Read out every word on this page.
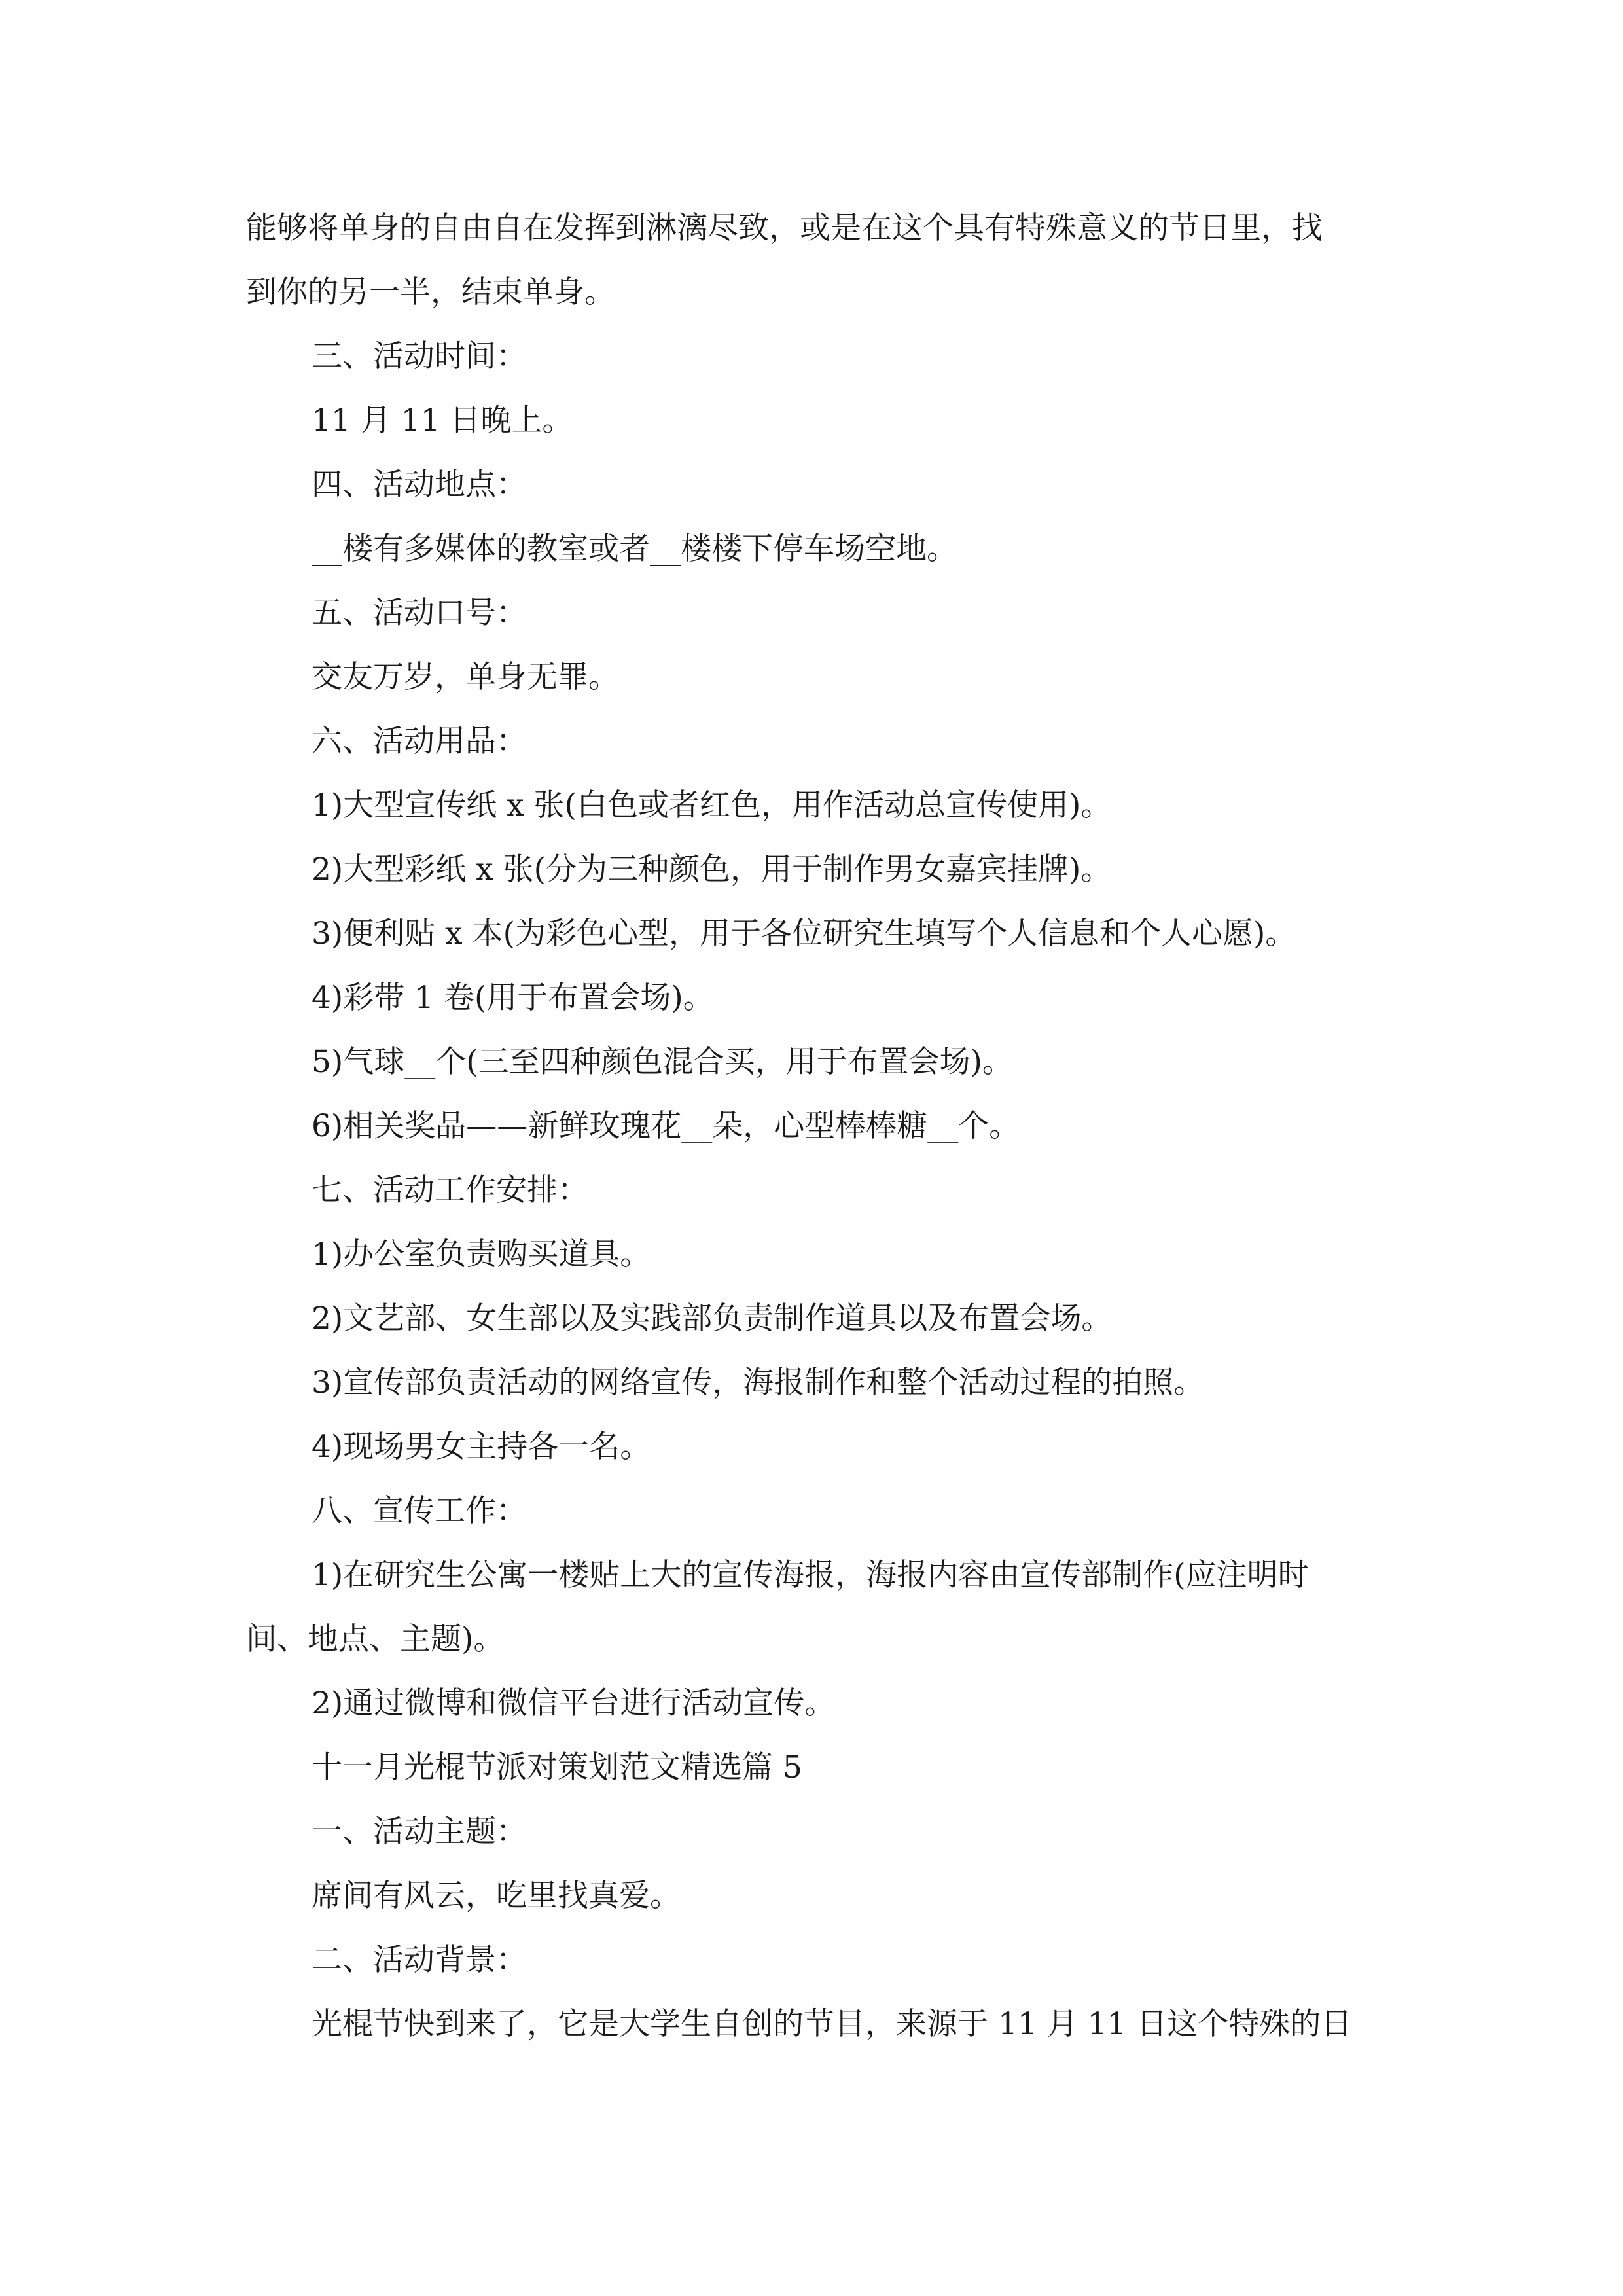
能够将单身的自由自在发挥到淋漓尽致，或是在这个具有特殊意义的节日里，找

到你的另一半，结束单身。

三、活动时间：

11 月 11 日晚上。

四、活动地点：

__楼有多媒体的教室或者__楼楼下停车场空地。

五、活动口号：

交友万岁，单身无罪。

六、活动用品：

1)大型宣传纸 x 张(白色或者红色，用作活动总宣传使用)。

2)大型彩纸 x 张(分为三种颜色，用于制作男女嘉宾挂牌)。

3)便利贴 x 本(为彩色心型，用于各位研究生填写个人信息和个人心愿)。

4)彩带 1 卷(用于布置会场)。

5)气球__个(三至四种颜色混合买，用于布置会场)。

6)相关奖品——新鲜玫瑰花__朵，心型棒棒糖__个。

七、活动工作安排：

1)办公室负责购买道具。

2)文艺部、女生部以及实践部负责制作道具以及布置会场。

3)宣传部负责活动的网络宣传，海报制作和整个活动过程的拍照。

4)现场男女主持各一名。

八、宣传工作：

1)在研究生公寓一楼贴上大的宣传海报，海报内容由宣传部制作(应注明时

间、地点、主题)。

2)通过微博和微信平台进行活动宣传。

十一月光棍节派对策划范文精选篇 5

一、活动主题：

席间有风云，吃里找真爱。

二、活动背景：

光棍节快到来了，它是大学生自创的节目，来源于 11 月 11 日这个特殊的日
